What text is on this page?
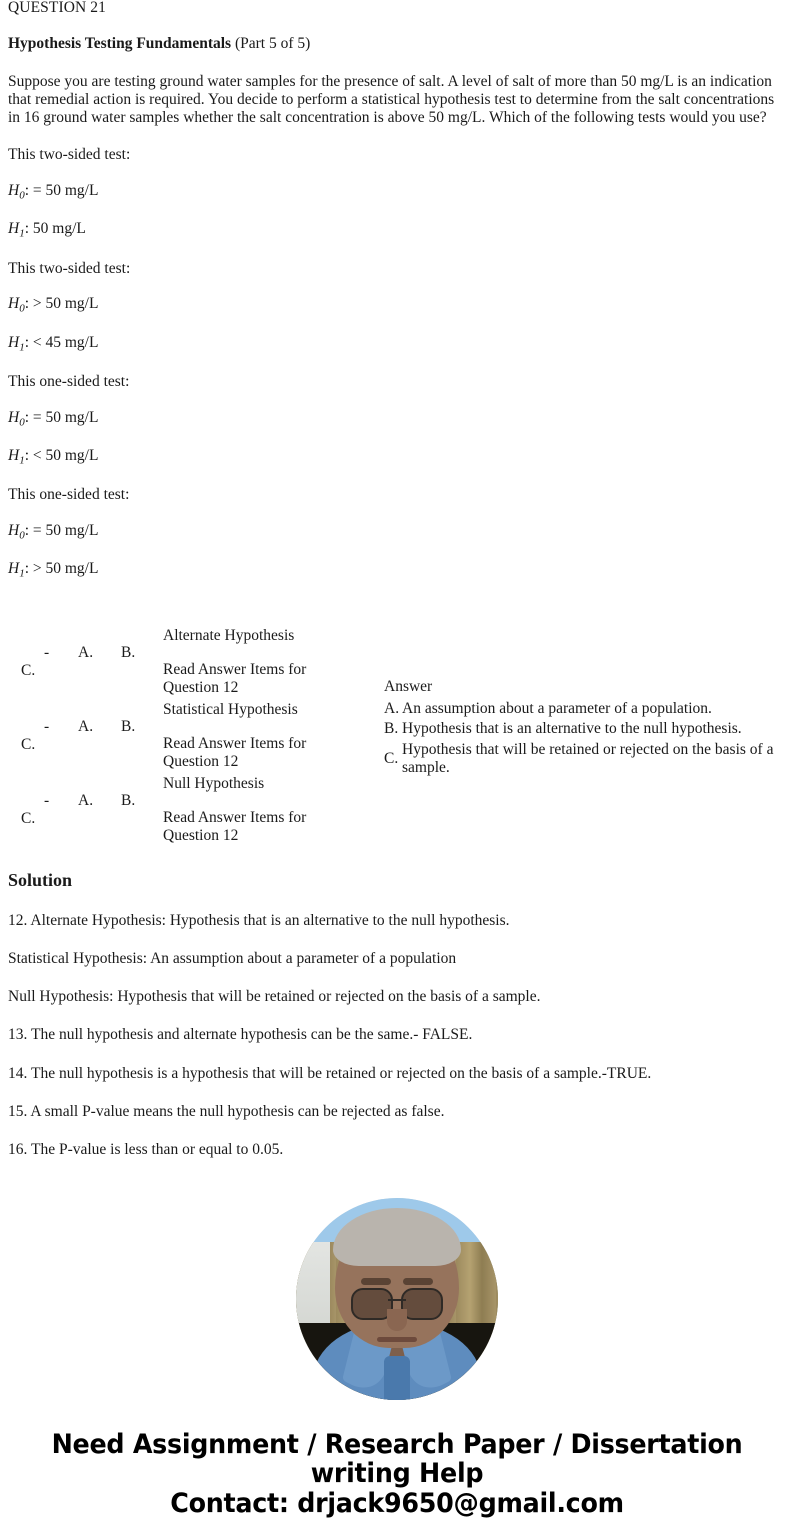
QUESTION 21

Hypothesis Testing Fundamentals (Part 5 of 5)

Suppose you are testing ground water samples for the presence of salt. A level of salt of more than 50 mg/L is an indication that remedial action is required. You decide to perform a statistical hypothesis test to determine from the salt concentrations in 16 ground water samples whether the salt concentration is above 50 mg/L. Which of the following tests would you use?

This two-sided test:

$H_0$: = 50 mg/L

$H_1$: 50 mg/L

This two-sided test:

$H_0$: > 50 mg/L

$H_1$: < 45 mg/L

This one-sided test:

$H_0$: = 50 mg/L

$H_1$: < 50 mg/L

This one-sided test:

$H_0$: = 50 mg/L

$H_1$: > 50 mg/L

- A. B.
C.	Alternate Hypothesis
Read Answer Items for Question 12	

- A. B.
C.	Statistical Hypothesis
Read Answer Items for Question 12	

- A. B.
C.	Null Hypothesis
Read Answer Items for Question 12	

Answer

A. An assumption about a parameter of a population.
B. Hypothesis that is an alternative to the null hypothesis.
C.
Hypothesis that will be retained or rejected on the basis of a sample.
Solution

12. Alternate Hypothesis: Hypothesis that is an alternative to the null hypothesis.

Statistical Hypothesis: An assumption about a parameter of a population

Null Hypothesis: Hypothesis that will be retained or rejected on the basis of a sample.

13. The null hypothesis and alternate hypothesis can be the same.- FALSE.

14. The null hypothesis is a hypothesis that will be retained or rejected on the basis of a sample.-TRUE.

15. A small P-value means the null hypothesis can be rejected as false.

16. The P-value is less than or equal to 0.05.

Need Assignment / Research Paper / Dissertation writing Help

Contact: drjack9650@gmail.com
